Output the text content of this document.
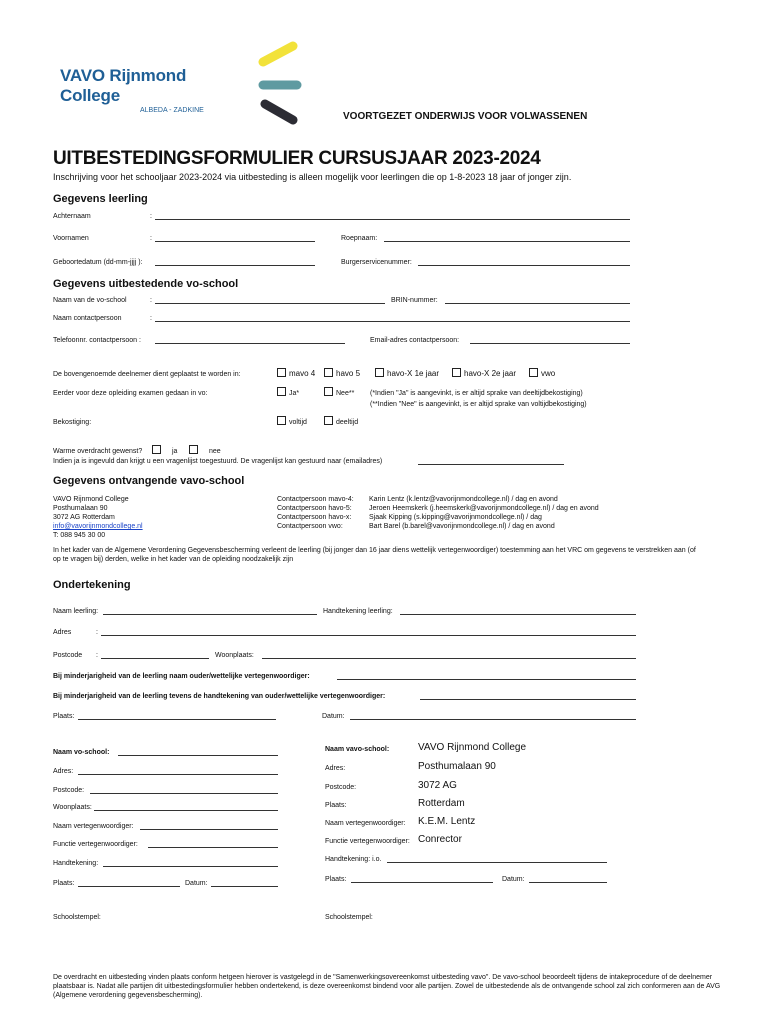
VAVO Rijnmond College
ALBEDA - ZADKINE
VOORTGEZET ONDERWIJS VOOR VOLWASSENEN
UITBESTEDINGSFORMULIER CURSUSJAAR 2023-2024
Inschrijving voor het schooljaar 2023-2024 via uitbesteding is alleen mogelijk voor leerlingen die op 1-8-2023 18 jaar of jonger zijn.
Gegevens leerling
Achternaam	:
Voornamen	:	Roepnaam:
Geboortedatum (dd-mm-jjjj ):	Burgerservicenummer:
Gegevens uitbestedende vo-school
Naam van de vo-school	:	BRIN-nummer:
Naam contactpersoon	:
Telefoonnr. contactpersoon :	Email-adres contactpersoon:
De bovengenoemde deelnemer dient geplaatst te worden in:	mavo 4	havo 5	havo-X 1e jaar	havo-X 2e jaar	vwo
Eerder voor deze opleiding examen gedaan in vo:	Ja*	Nee** (*Indien "Ja" is aangevinkt, is er altijd sprake van deeltijdbekostiging)
(**Indien "Nee" is aangevinkt, is er altijd sprake van voltijdbekostiging)
Bekostiging:	voltijd	deeltijd
Warme overdracht gewenst?	ja	nee
Indien ja is ingevuld dan krijgt u een vragenlijst toegestuurd. De vragenlijst kan gestuurd naar (emailadres)
Gegevens ontvangende vavo-school
VAVO Rijnmond College
Posthumalaan 90
3072 AG Rotterdam
info@vavorijnmondcollege.nl
T: 088 945 30 00
Contactpersoon mavo-4: Karin Lentz (k.lentz@vavorijnmondcollege.nl) / dag en avond
Contactpersoon havo-5: Jeroen Heemskerk (j.heemskerk@vavorijnmondcollege.nl) / dag en avond
Contactpersoon havo-x:	Sjaak Kipping (s.kipping@vavorijnmondcollege.nl) / dag
Contactpersoon vwo:	Bart Barel (b.barel@vavorijnmondcollege.nl) / dag en avond
In het kader van de Algemene Verordening Gegevensbescherming verleent de leerling (bij jonger dan 16 jaar diens wettelijk vertegenwoordiger) toestemming aan het VRC om gegevens te verstrekken aan (of op te vragen bij) derden, welke in het kader van de opleiding noodzakelijk zijn
Ondertekening
Naam leerling:	Handtekening leerling:
Adres	:
Postcode :	Woonplaats:
Bij minderjarigheid van de leerling naam ouder/wettelijke vertegenwoordiger:
Bij minderjarigheid van de leerling tevens de handtekening van ouder/wettelijke vertegenwoordiger:
Plaats:	Datum:
Naam vo-school:
Adres:
Postcode:
Woonplaats:
Naam vertegenwoordiger:
Functie vertegenwoordiger:
Handtekening:
Plaats:	Datum:
Schoolstempel:
Naam vavo-school:	VAVO Rijnmond College
Adres:	Posthumalaan 90
Postcode:	3072 AG
Plaats:	Rotterdam
Naam vertegenwoordiger: K.E.M. Lentz
Functie vertegenwoordiger: Conrector
Handtekening: i.o.
Plaats:	Datum:
Schoolstempel:
De overdracht en uitbesteding vinden plaats conform hetgeen hierover is vastgelegd in de "Samenwerkingsovereenkomst uitbesteding vavo". De vavo-school beoordeelt tijdens de intakeprocedure of de deelnemer plaatsbaar is. Nadat alle partijen dit uitbestedingsformulier hebben ondertekend, is deze overeenkomst bindend voor alle partijen. Zowel de uitbestedende als de ontvangende school zal zich conformeren aan de AVG (Algemene verordening gegevensbescherming).
